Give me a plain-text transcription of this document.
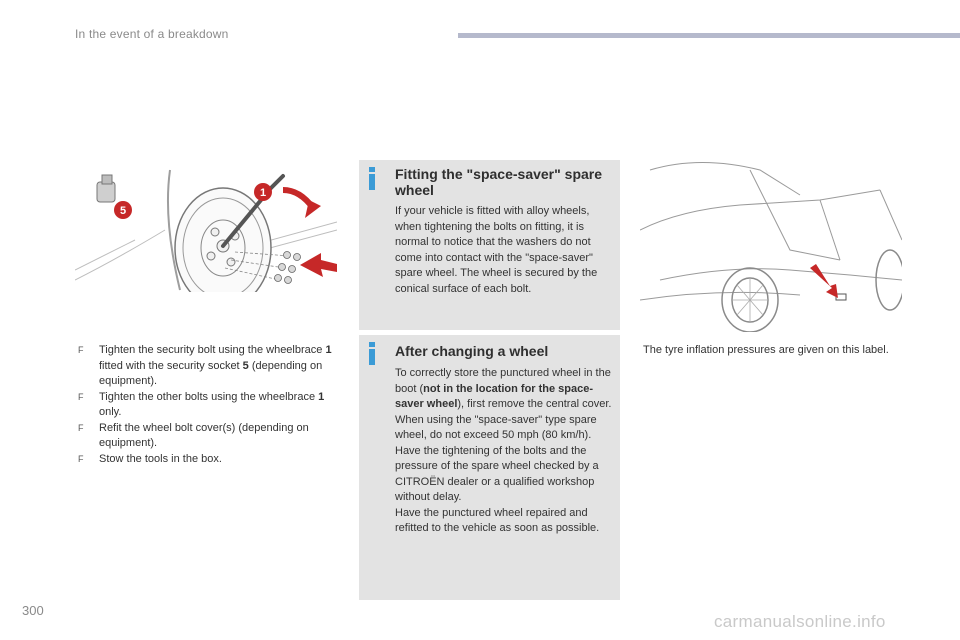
In the event of a breakdown
1
5
F Tighten the security bolt using the wheelbrace 1 fitted with the security socket 5 (depending on equipment).
F Tighten the other bolts using the wheelbrace 1 only.
F Refit the wheel bolt cover(s) (depending on equipment).
F Stow the tools in the box.
Fitting the "space-saver" spare wheel

If your vehicle is fitted with alloy wheels, when tightening the bolts on fitting, it is normal to notice that the washers do not come into contact with the "space-saver" spare wheel. The wheel is secured by the conical surface of each bolt.

After changing a wheel

To correctly store the punctured wheel in the boot (not in the location for the space-saver wheel), first remove the central cover.
When using the "space-saver" type spare wheel, do not exceed 50 mph (80 km/h).
Have the tightening of the bolts and the pressure of the spare wheel checked by a CITROËN dealer or a qualified workshop without delay.
Have the punctured wheel repaired and refitted to the vehicle as soon as possible.

The tyre inflation pressures are given on this label.
300
carmanualsonline.info
